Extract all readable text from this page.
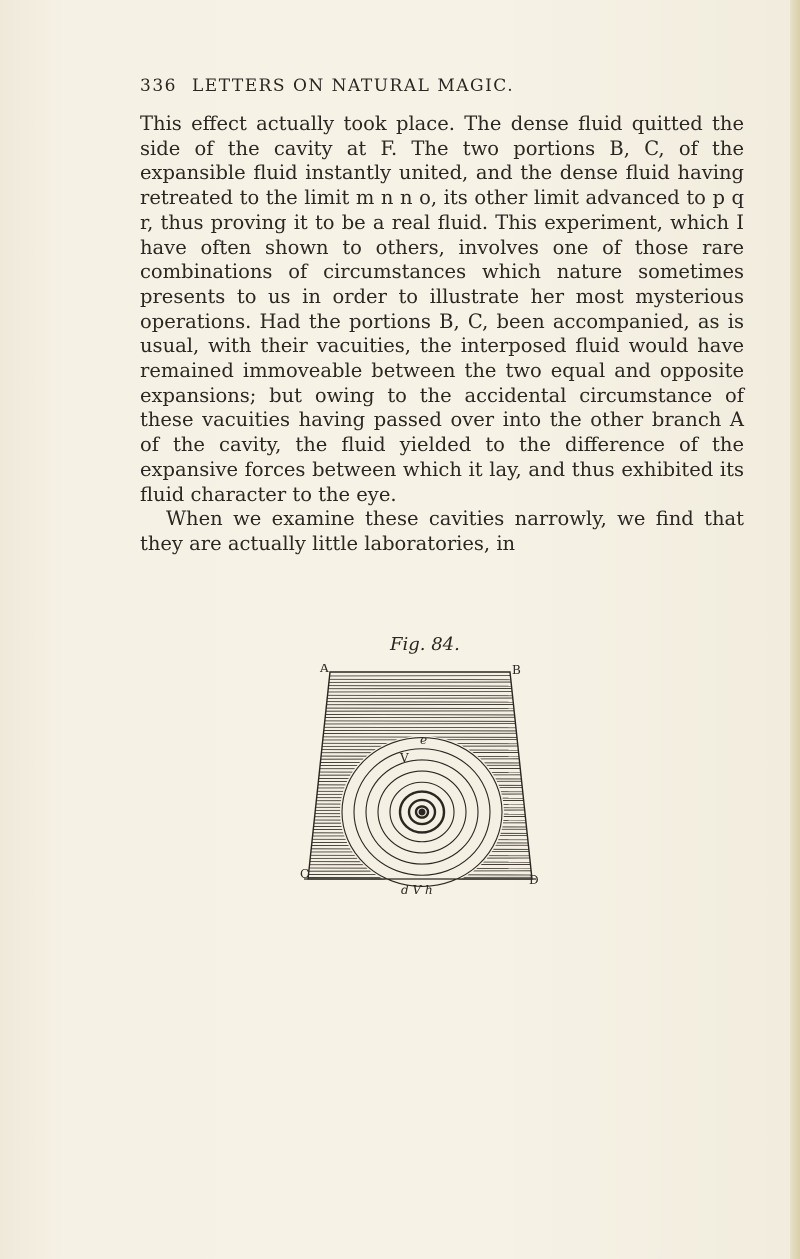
336 LETTERS ON NATURAL MAGIC.

This effect actually took place. The dense fluid quitted the side of the cavity at F. The two portions B, C, of the expansible fluid instantly united, and the dense fluid having retreated to the limit m n n o, its other limit advanced to p q r, thus proving it to be a real fluid. This experiment, which I have often shown to others, involves one of those rare combinations of circumstances which nature sometimes presents to us in order to illustrate her most mysterious operations. Had the portions B, C, been accompanied, as is usual, with their vacuities, the interposed fluid would have remained immoveable between the two equal and opposite expansions; but owing to the accidental circumstance of these vacuities having passed over into the other branch A of the cavity, the fluid yielded to the difference of the expansive forces between which it lay, and thus exhibited its fluid character to the eye.

When we examine these cavities narrowly, we find that they are actually little laboratories, in

Fig. 84.
A	B
C	D
V
e
d V h
